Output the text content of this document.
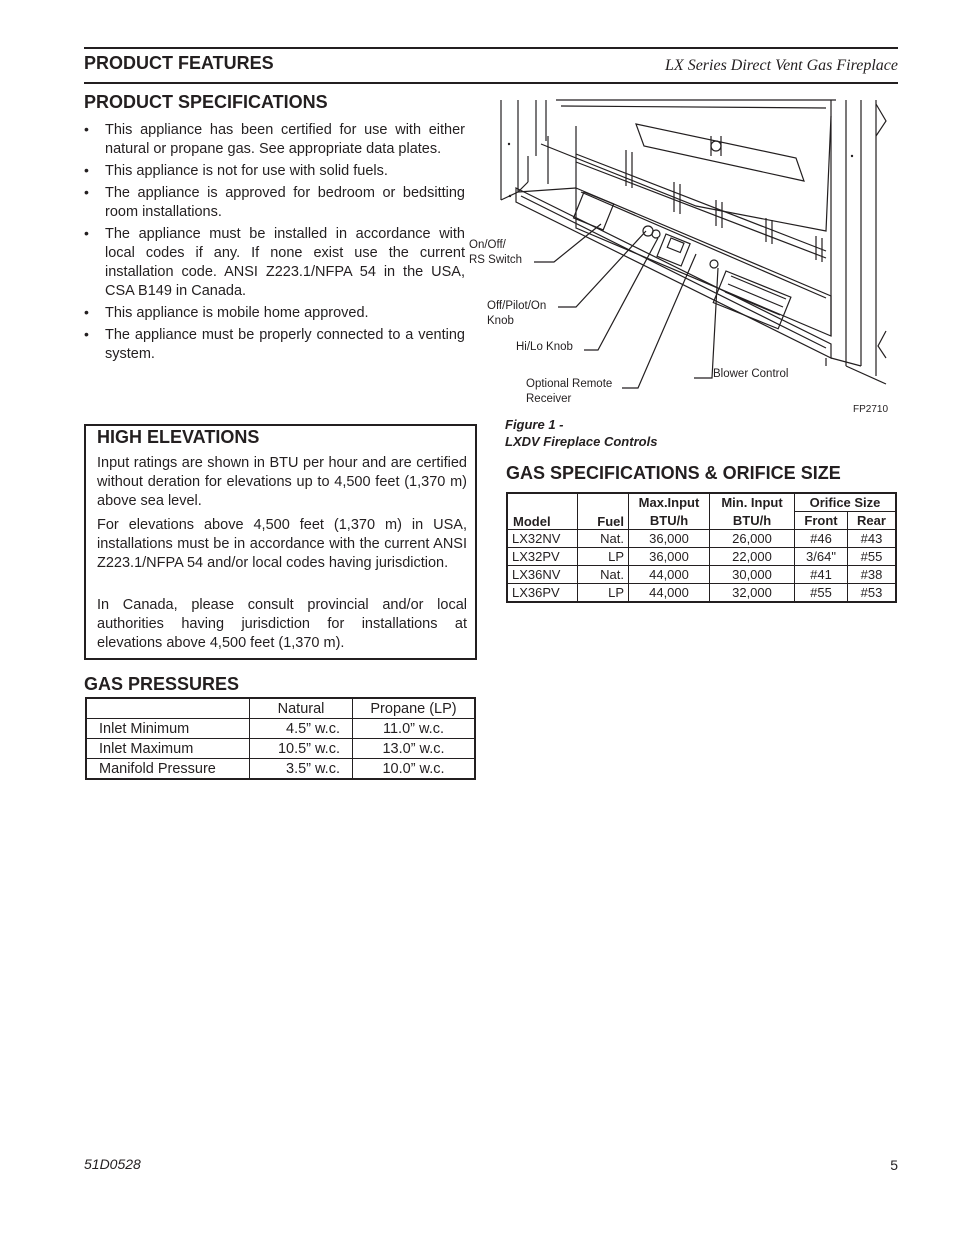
PRODUCT FEATURES	LX Series Direct Vent Gas Fireplace
PRODUCT SPECIFICATIONS
• This appliance has been certified for use with either natural or propane gas. See appropriate data plates.
• This appliance is not for use with solid fuels.
• The appliance is approved for bedroom or bedsitting room installations.
• The appliance must be installed in accordance with local codes if any. If none exist use the current installation code. ANSI Z223.1/NFPA 54 in the USA, CSA B149 in Canada.
• This appliance is mobile home approved.
• The appliance must be properly connected to a venting system.
HIGH ELEVATIONS

Input ratings are shown in BTU per hour and are certified without deration for elevations up to 4,500 feet (1,370 m) above sea level.

For elevations above 4,500 feet (1,370 m) in USA, installations must be in accordance with the current ANSI Z223.1/NFPA 54 and/or local codes having jurisdiction.

In Canada, please consult provincial and/or local authorities having jurisdiction for installations at elevations above 4,500 feet (1,370 m).

GAS PRESSURES
	Natural	Propane (LP)
Inlet Minimum	4.5” w.c.	11.0” w.c.
Inlet Maximum	10.5” w.c.	13.0” w.c.
Manifold Pressure	3.5” w.c.	10.0” w.c.
On/Off/
RS Switch
Off/Pilot/On
Knob
Hi/Lo Knob
Optional Remote
Receiver
Blower Control
FP2710
Figure 1 -
LXDV Fireplace Controls
GAS SPECIFICATIONS & ORIFICE SIZE
Model	Fuel	Max.Input	Min. Input	Orifice Size	
		BTU/h	BTU/h	Front	Rear
LX32NV	Nat.	36,000	26,000	#46	#43
LX32PV	LP	36,000	22,000	3/64"	#55
LX36NV	Nat.	44,000	30,000	#41	#38
LX36PV	LP	44,000	32,000	#55	#53
51D0528	5
